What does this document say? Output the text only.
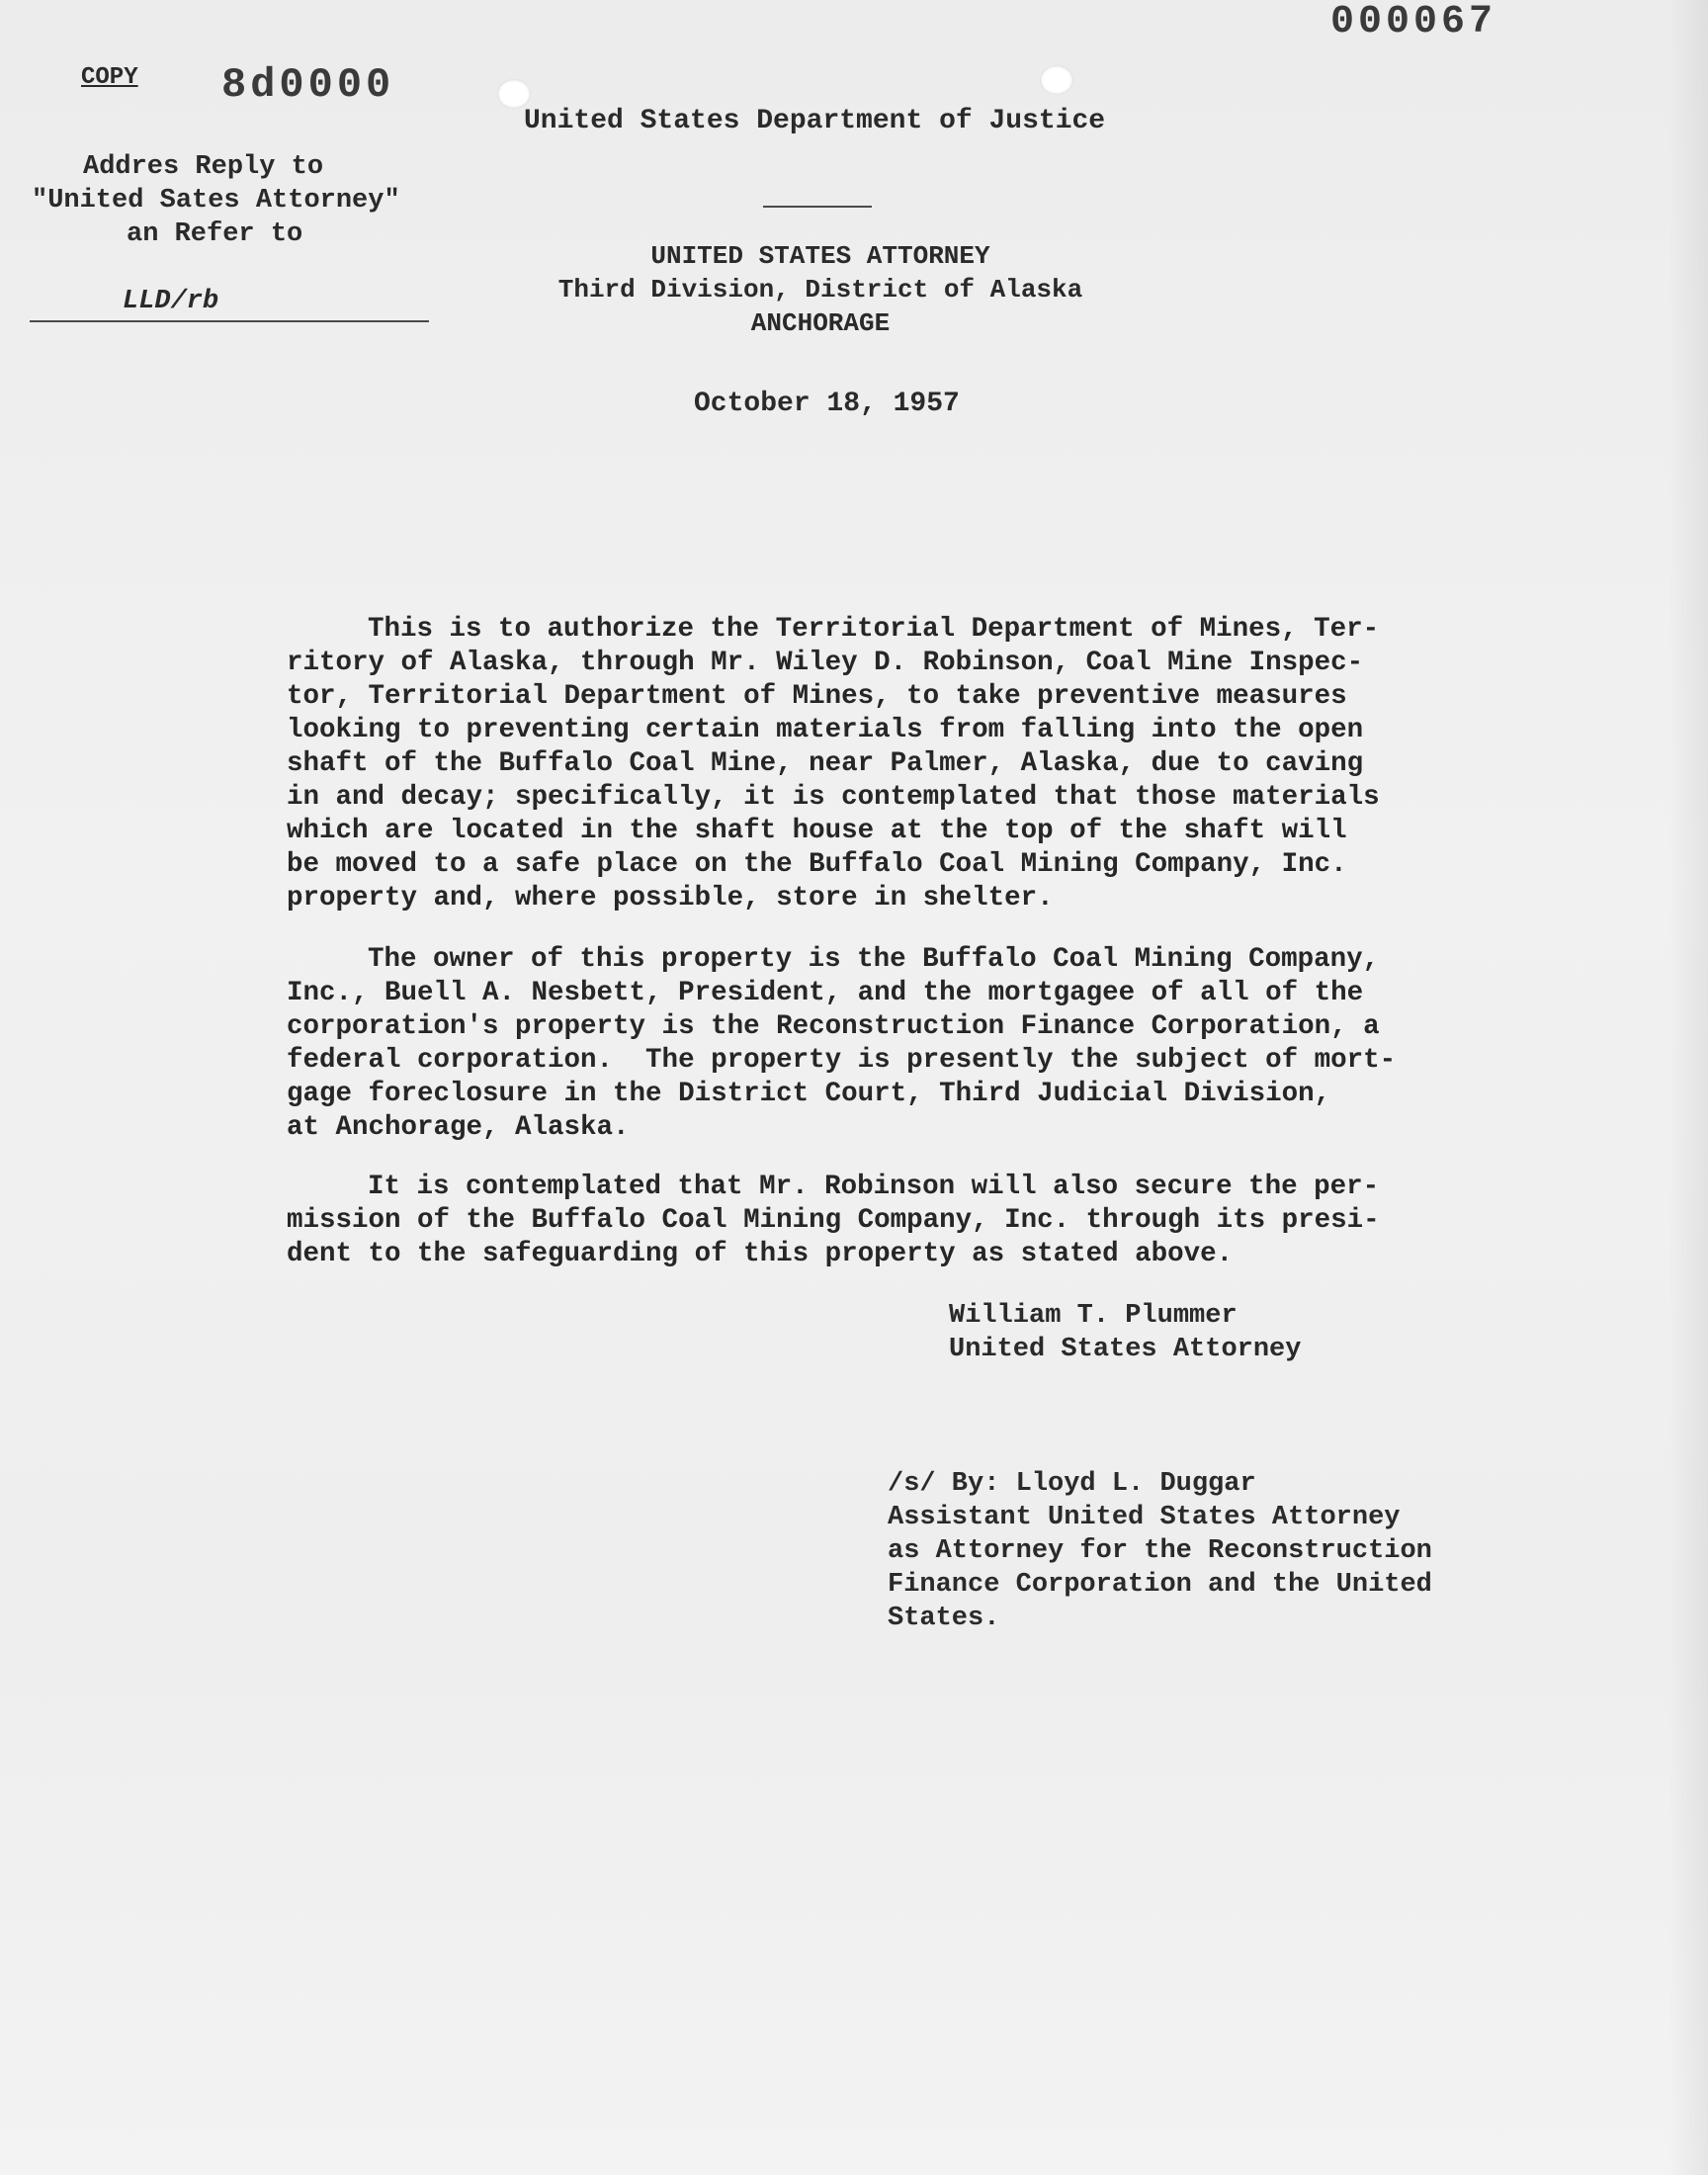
000067
8d0000
COPY
Addres Reply to
"United Sates Attorney"
an Refer to
LLD/rb
United States Department of Justice
UNITED STATES ATTORNEY
Third Division, District of Alaska
ANCHORAGE
October 18, 1957
This is to authorize the Territorial Department of Mines, Ter-
ritory of Alaska, through Mr. Wiley D. Robinson, Coal Mine Inspec-
tor, Territorial Department of Mines, to take preventive measures
looking to preventing certain materials from falling into the open
shaft of the Buffalo Coal Mine, near Palmer, Alaska, due to caving
in and decay; specifically, it is contemplated that those materials
which are located in the shaft house at the top of the shaft will
be moved to a safe place on the Buffalo Coal Mining Company, Inc.
property and, where possible, store in shelter.
The owner of this property is the Buffalo Coal Mining Company,
Inc., Buell A. Nesbett, President, and the mortgagee of all of the
corporation's property is the Reconstruction Finance Corporation, a
federal corporation.  The property is presently the subject of mort-
gage foreclosure in the District Court, Third Judicial Division,
at Anchorage, Alaska.
It is contemplated that Mr. Robinson will also secure the per-
mission of the Buffalo Coal Mining Company, Inc. through its presi-
dent to the safeguarding of this property as stated above.
William T. Plummer
United States Attorney
/s/ By: Lloyd L. Duggar
Assistant United States Attorney
as Attorney for the Reconstruction
Finance Corporation and the United
States.
